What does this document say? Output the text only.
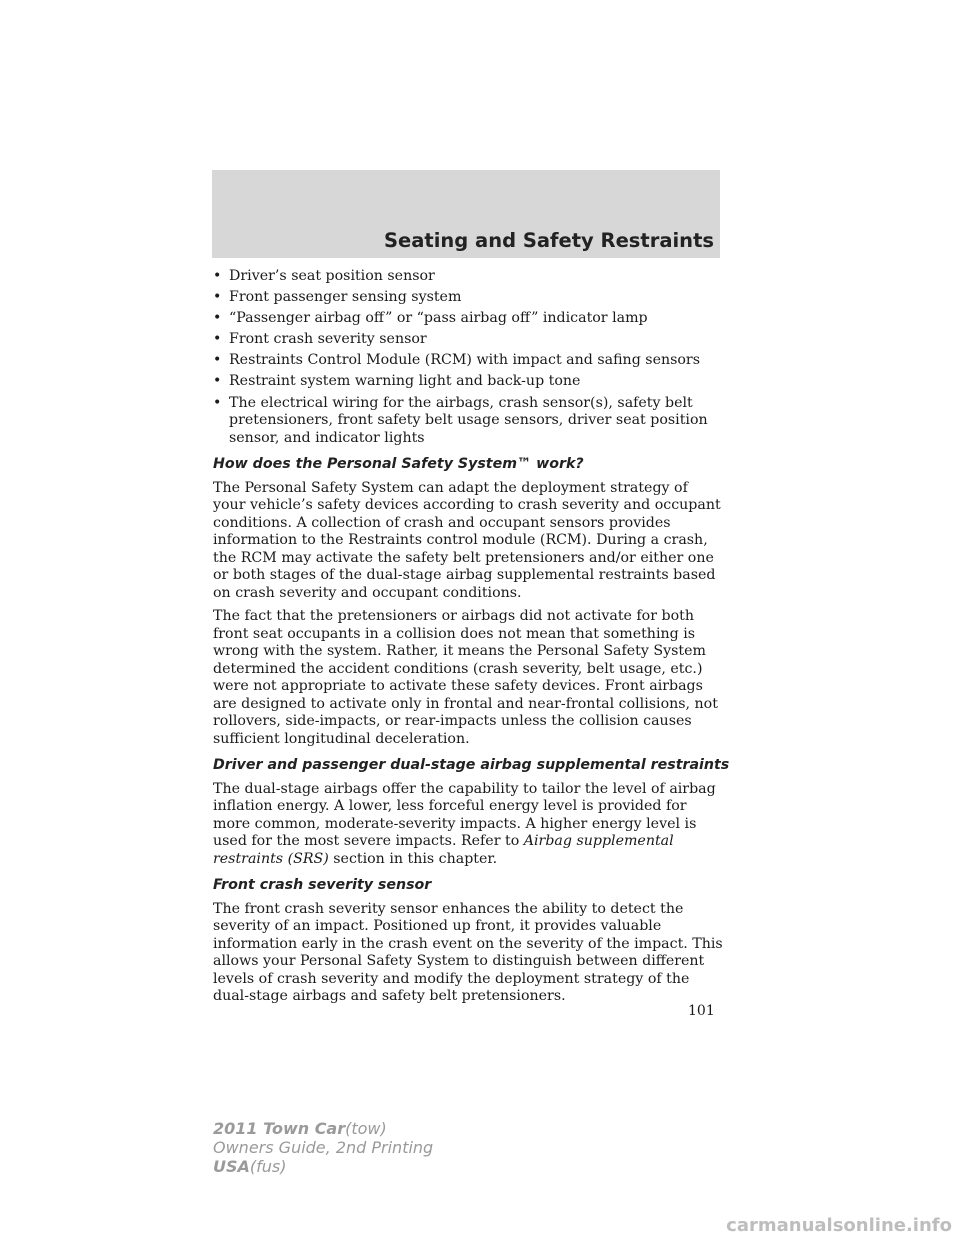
Seating and Safety Restraints
• Driver’s seat position sensor
• Front passenger sensing system
• “Passenger airbag off” or “pass airbag off” indicator lamp
• Front crash severity sensor
• Restraints Control Module (RCM) with impact and safing sensors
• Restraint system warning light and back-up tone
• The electrical wiring for the airbags, crash sensor(s), safety belt pretensioners, front safety belt usage sensors, driver seat position sensor, and indicator lights
How does the Personal Safety System™ work?

The Personal Safety System can adapt the deployment strategy of your vehicle’s safety devices according to crash severity and occupant conditions. A collection of crash and occupant sensors provides information to the Restraints control module (RCM). During a crash, the RCM may activate the safety belt pretensioners and/or either one or both stages of the dual-stage airbag supplemental restraints based on crash severity and occupant conditions.

The fact that the pretensioners or airbags did not activate for both front seat occupants in a collision does not mean that something is wrong with the system. Rather, it means the Personal Safety System determined the accident conditions (crash severity, belt usage, etc.) were not appropriate to activate these safety devices. Front airbags are designed to activate only in frontal and near-frontal collisions, not rollovers, side-impacts, or rear-impacts unless the collision causes sufficient longitudinal deceleration.

Driver and passenger dual-stage airbag supplemental restraints

The dual-stage airbags offer the capability to tailor the level of airbag inflation energy. A lower, less forceful energy level is provided for more common, moderate-severity impacts. A higher energy level is used for the most severe impacts. Refer to Airbag supplemental restraints (SRS) section in this chapter.

Front crash severity sensor

The front crash severity sensor enhances the ability to detect the severity of an impact. Positioned up front, it provides valuable information early in the crash event on the severity of the impact. This allows your Personal Safety System to distinguish between different levels of crash severity and modify the deployment strategy of the dual-stage airbags and safety belt pretensioners.

101
2011 Town Car(tow)
Owners Guide, 2nd Printing
USA(fus)
carmanualsonline.info
